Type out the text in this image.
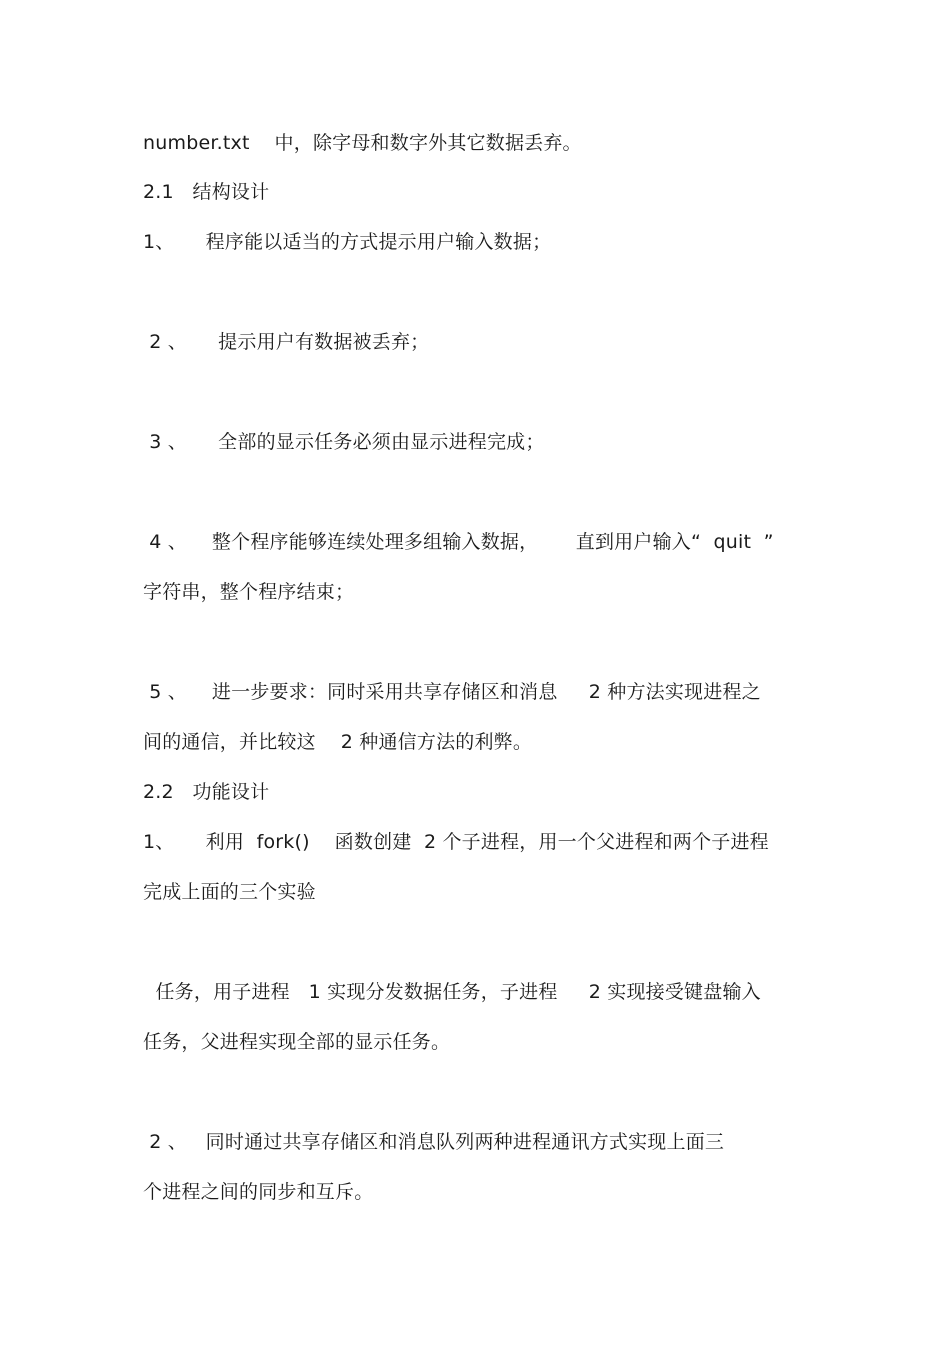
number.txt    中，除字母和数字外其它数据丢弃。
2.1   结构设计
1、     程序能以适当的方式提示用户输入数据；
2 、     提示用户有数据被丢弃；
3 、     全部的显示任务必须由显示进程完成；
4 、    整个程序能够连续处理多组输入数据，      直到用户输入“  quit  ”
字符串，整个程序结束；
5 、    进一步要求：同时采用共享存储区和消息     2 种方法实现进程之
间的通信，并比较这    2 种通信方法的利弊。
2.2   功能设计
1、     利用  fork()    函数创建  2 个子进程，用一个父进程和两个子进程
完成上面的三个实验
任务，用子进程   1 实现分发数据任务，子进程     2 实现接受键盘输入
任务，父进程实现全部的显示任务。
2 、   同时通过共享存储区和消息队列两种进程通讯方式实现上面三
个进程之间的同步和互斥。
